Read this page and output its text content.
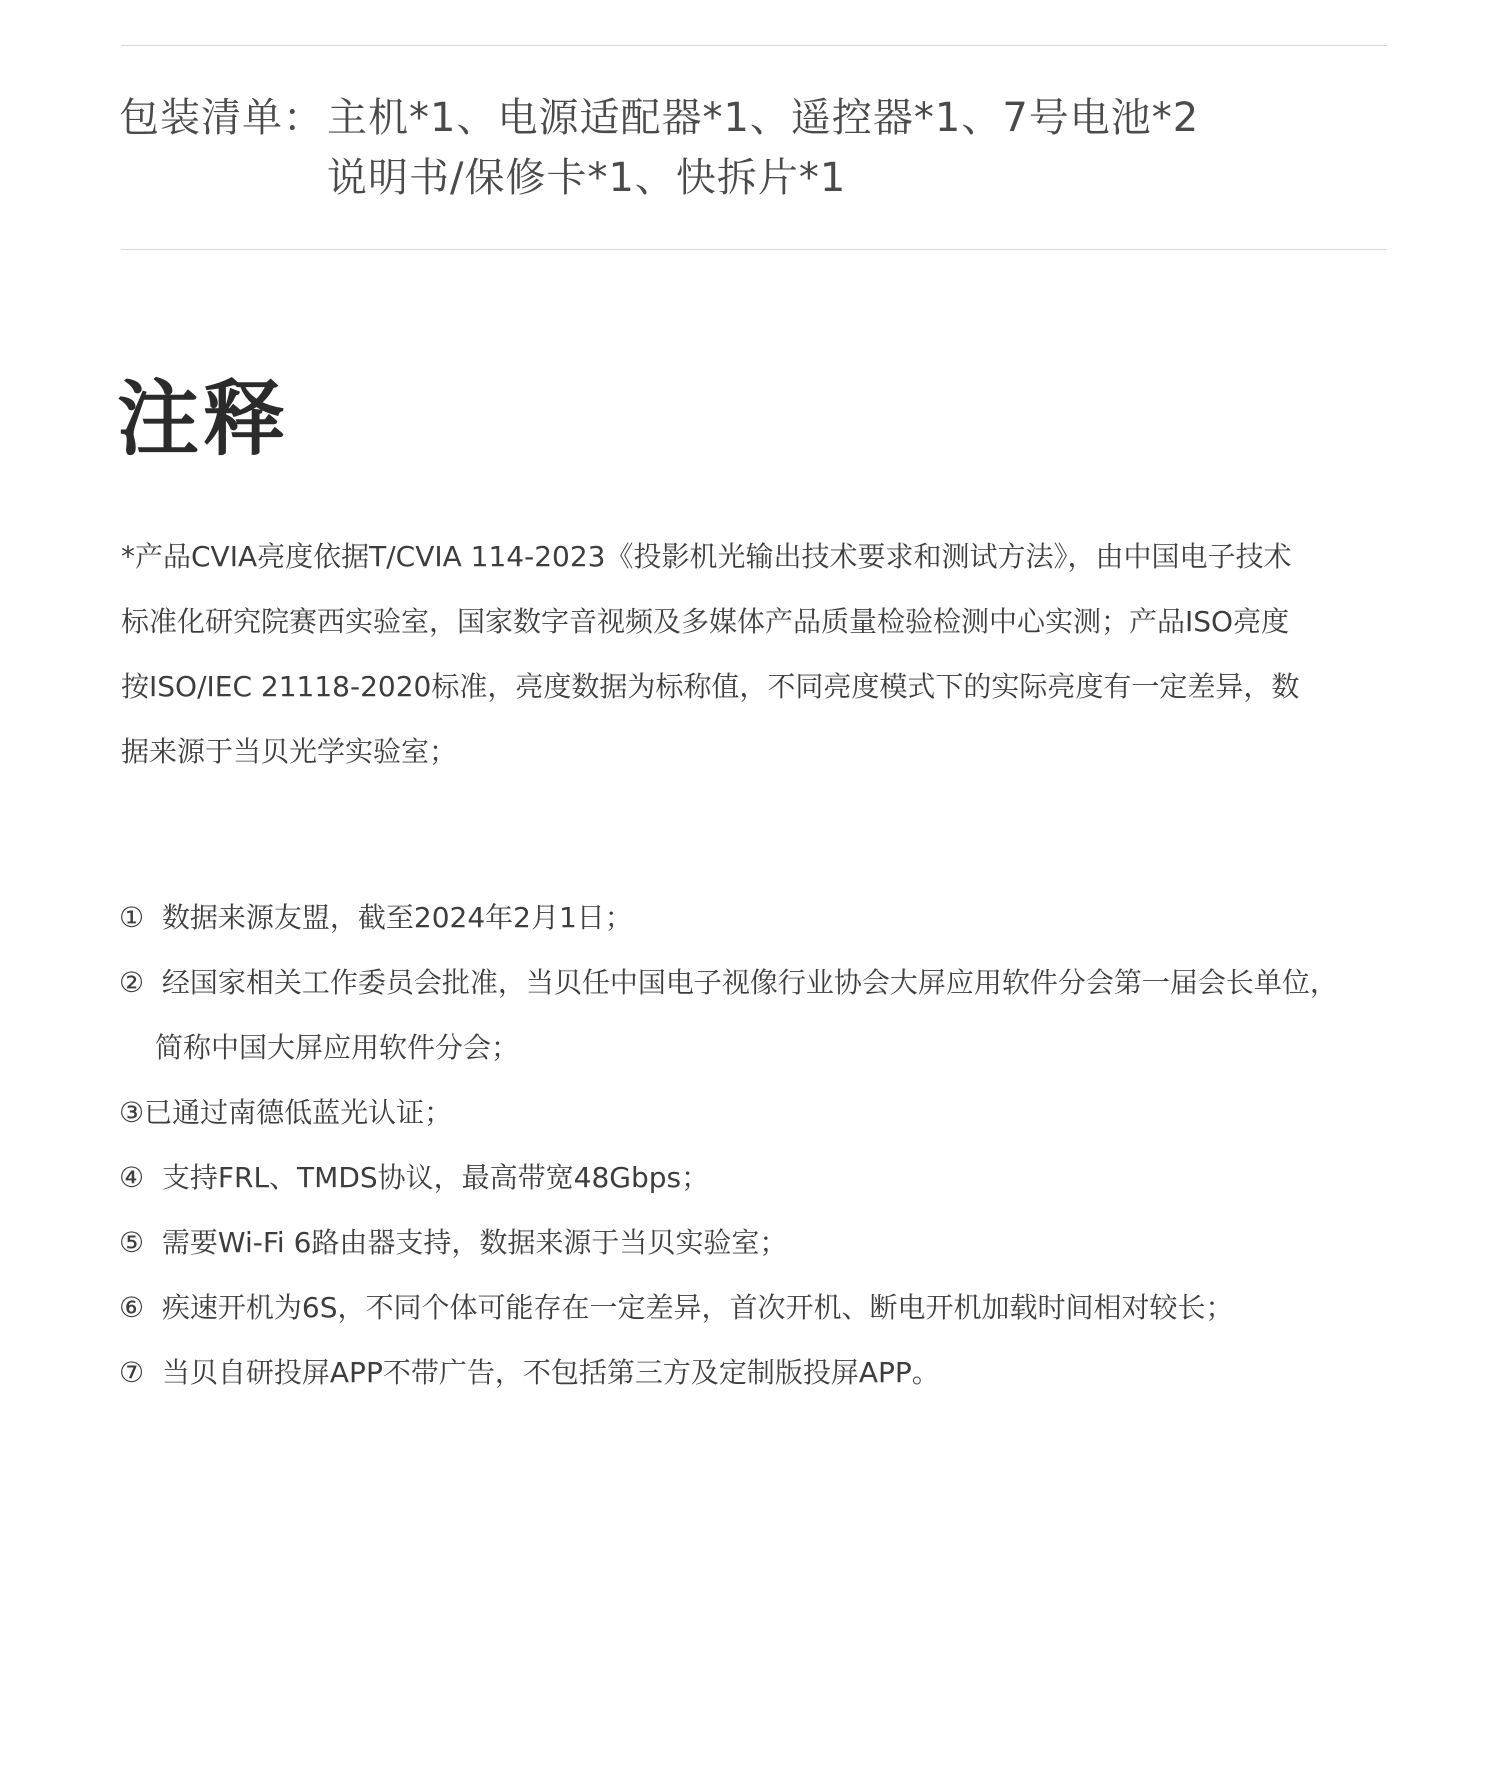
包装清单： 主机*1、电源适配器*1、遥控器*1、7号电池*2
说明书/保修卡*1、快拆片*1
注释
*产品CVIA亮度依据T/CVIA 114-2023《投影机光输出技术要求和测试方法》，由中国电子技术
标准化研究院赛西实验室，国家数字音视频及多媒体产品质量检验检测中心实测；产品ISO亮度
按ISO/IEC 21118-2020标准，亮度数据为标称值，不同亮度模式下的实际亮度有一定差异，数
据来源于当贝光学实验室；
① 数据来源友盟，截至2024年2月1日；
② 经国家相关工作委员会批准，当贝任中国电子视像行业协会大屏应用软件分会第一届会长单位，
简称中国大屏应用软件分会；
③已通过南德低蓝光认证；
④ 支持FRL、TMDS协议，最高带宽48Gbps；
⑤ 需要Wi-Fi 6路由器支持，数据来源于当贝实验室；
⑥ 疾速开机为6S，不同个体可能存在一定差异，首次开机、断电开机加载时间相对较长；
⑦ 当贝自研投屏APP不带广告，不包括第三方及定制版投屏APP。
